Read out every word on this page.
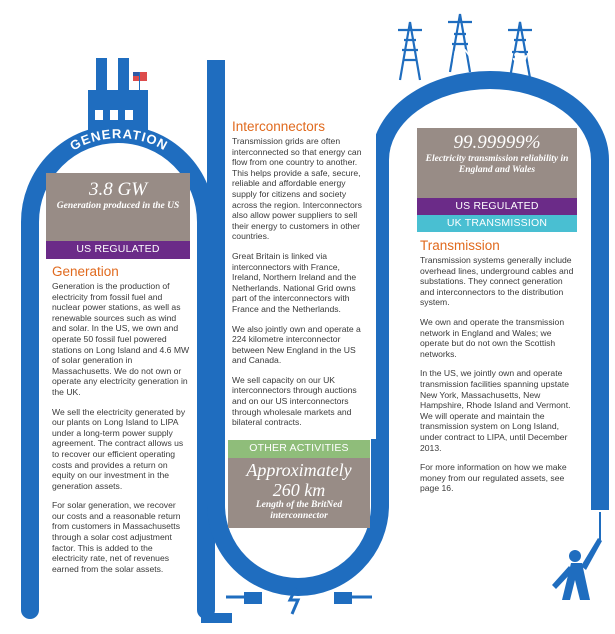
GENERATION
INTERCONNECTORS
TRANSMISSION
3.8 GW
Generation produced in the US
US REGULATED
Generation

Generation is the production of electricity from fossil fuel and nuclear power stations, as well as renewable sources such as wind and solar. In the US, we own and operate 50 fossil fuel powered stations on Long Island and 4.6 MW of solar generation in Massachusetts. We do not own or operate any electricity generation in the UK.

We sell the electricity generated by our plants on Long Island to LIPA under a long-term power supply agreement. The contract allows us to recover our efficient operating costs and provides a return on equity on our investment in the generation assets.

For solar generation, we recover our costs and a reasonable return from customers in Massachusetts through a solar cost adjustment factor. This is added to the electricity rate, net of revenues earned from the solar assets.

Interconnectors

Transmission grids are often interconnected so that energy can flow from one country to another. This helps provide a safe, secure, reliable and affordable energy supply for citizens and society across the region. Interconnectors also allow power suppliers to sell their energy to customers in other countries.

Great Britain is linked via interconnectors with France, Ireland, Northern Ireland and the Netherlands. National Grid owns part of the interconnectors with France and the Netherlands.

We also jointly own and operate a 224 kilometre interconnector between New England in the US and Canada.

We sell capacity on our UK interconnectors through auctions and on our US interconnectors through wholesale markets and bilateral contracts.

OTHER ACTIVITIES
Approximately 260 km
Length of the BritNed interconnector
99.99999%
Electricity transmission reliability in England and Wales
US REGULATED
UK TRANSMISSION
Transmission

Transmission systems generally include overhead lines, underground cables and substations. They connect generation and interconnectors to the distribution system.

We own and operate the transmission network in England and Wales; we operate but do not own the Scottish networks.

In the US, we jointly own and operate transmission facilities spanning upstate New York, Massachusetts, New Hampshire, Rhode Island and Vermont. We will operate and maintain the transmission system on Long Island, under contract to LIPA, until December 2013.

For more information on how we make money from our regulated assets, see page 16.
